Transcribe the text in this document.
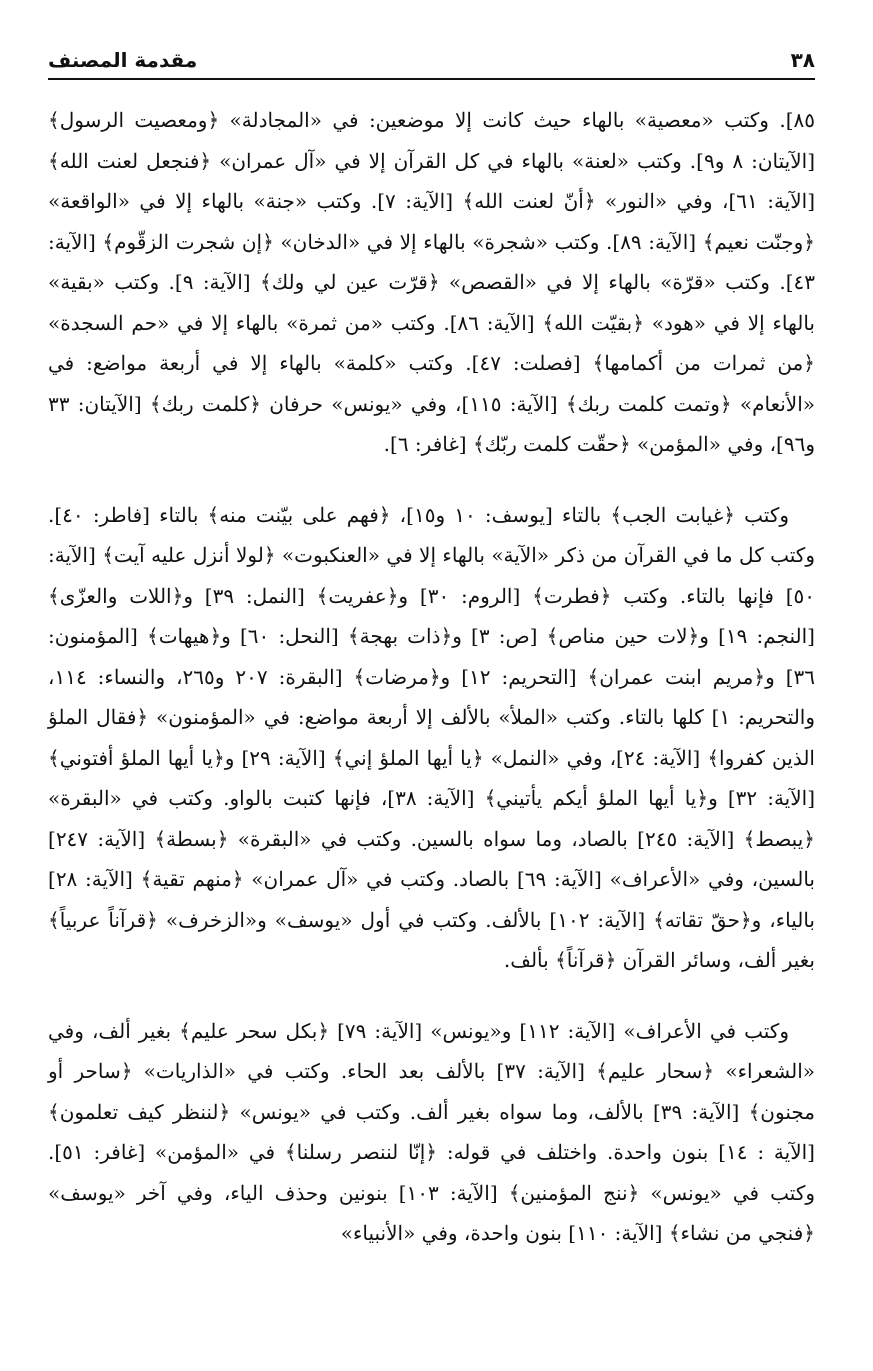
٣٨
مقدمة المصنف

٨٥]. وكتب «معصية» بالهاء حيث كانت إلا موضعين: في «المجادلة» ﴿ومعصيت الرسول﴾ [الآيتان: ٨ و٩]. وكتب «لعنة» بالهاء في كل القرآن إلا في «آل عمران» ﴿فنجعل لعنت الله﴾ [الآية: ٦١]، وفي «النور» ﴿أنّ لعنت الله﴾ [الآية: ٧]. وكتب «جنة» بالهاء إلا في «الواقعة» ﴿وجنّت نعيم﴾ [الآية: ٨٩]. وكتب «شجرة» بالهاء إلا في «الدخان» ﴿إن شجرت الزقّوم﴾ [الآية: ٤٣]. وكتب «قرّة» بالهاء إلا في «القصص» ﴿قرّت عين لي ولك﴾ [الآية: ٩]. وكتب «بقية» بالهاء إلا في «هود» ﴿بقيّت الله﴾ [الآية: ٨٦]. وكتب «من ثمرة» بالهاء إلا في «حم السجدة» ﴿من ثمرات من أكمامها﴾ [فصلت: ٤٧]. وكتب «كلمة» بالهاء إلا في أربعة مواضع: في «الأنعام» ﴿وتمت كلمت ربك﴾ [الآية: ١١٥]، وفي «يونس» حرفان ﴿كلمت ربك﴾ [الآيتان: ٣٣ و٩٦]، وفي «المؤمن» ﴿حقّت كلمت ربّك﴾ [غافر: ٦].

وكتب ﴿غيابت الجب﴾ بالتاء [يوسف: ١٠ و١٥]، ﴿فهم على بيّنت منه﴾ بالتاء [فاطر: ٤٠]. وكتب كل ما في القرآن من ذكر «الآية» بالهاء إلا في «العنكبوت» ﴿لولا أنزل عليه آيت﴾ [الآية: ٥٠] فإنها بالتاء. وكتب ﴿فطرت﴾ [الروم: ٣٠] و﴿عفريت﴾ [النمل: ٣٩] و﴿اللات والعزّى﴾ [النجم: ١٩] و﴿لات حين مناص﴾ [ص: ٣] و﴿ذات بهجة﴾ [النحل: ٦٠] و﴿هيهات﴾ [المؤمنون: ٣٦] و﴿مريم ابنت عمران﴾ [التحريم: ١٢] و﴿مرضات﴾ [البقرة: ٢٠٧ و٢٦٥، والنساء: ١١٤، والتحريم: ١] كلها بالتاء. وكتب «الملأ» بالألف إلا أربعة مواضع: في «المؤمنون» ﴿فقال الملؤ الذين كفروا﴾ [الآية: ٢٤]، وفي «النمل» ﴿يا أيها الملؤ إني﴾ [الآية: ٢٩] و﴿يا أيها الملؤ أفتوني﴾ [الآية: ٣٢] و﴿يا أيها الملؤ أيكم يأتيني﴾ [الآية: ٣٨]، فإنها كتبت بالواو. وكتب في «البقرة» ﴿يبصط﴾ [الآية: ٢٤٥] بالصاد، وما سواه بالسين. وكتب في «البقرة» ﴿بسطة﴾ [الآية: ٢٤٧] بالسين، وفي «الأعراف» [الآية: ٦٩] بالصاد. وكتب في «آل عمران» ﴿منهم تقية﴾ [الآية: ٢٨] بالياء، و﴿حقّ تقاته﴾ [الآية: ١٠٢] بالألف. وكتب في أول «يوسف» و«الزخرف» ﴿قرآناً عربياً﴾ بغير ألف، وسائر القرآن ﴿قرآناً﴾ بألف.

وكتب في الأعراف» [الآية: ١١٢] و«يونس» [الآية: ٧٩] ﴿بكل سحر عليم﴾ بغير ألف، وفي «الشعراء» ﴿سحار عليم﴾ [الآية: ٣٧] بالألف بعد الحاء. وكتب في «الذاريات» ﴿ساحر أو مجنون﴾ [الآية: ٣٩] بالألف، وما سواه بغير ألف. وكتب في «يونس» ﴿لننظر كيف تعلمون﴾ [الآية : ١٤] بنون واحدة. واختلف في قوله: ﴿إنّا لننصر رسلنا﴾ في «المؤمن» [غافر: ٥١]. وكتب في «يونس» ﴿ننج المؤمنين﴾ [الآية: ١٠٣] بنونين وحذف الياء، وفي آخر «يوسف» ﴿فنجي من نشاء﴾ [الآية: ١١٠] بنون واحدة، وفي «الأنبياء»
